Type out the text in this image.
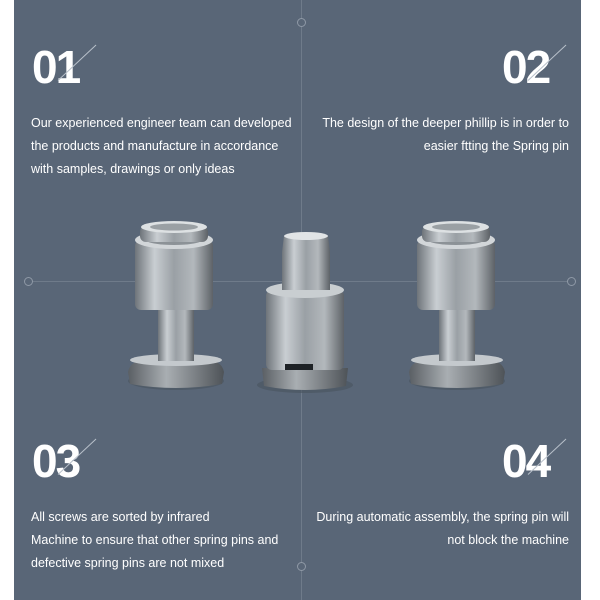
01

Our experienced engineer team can developed

the products and manufacture in accordance

with samples, drawings or only ideas

02

The design of the deeper phillip is in order to

easier ftting the Spring pin

03

All screws are sorted by infrared

Machine to ensure that other spring pins and

defective spring pins are not mixed

04

During automatic assembly, the spring pin will

not block the machine
